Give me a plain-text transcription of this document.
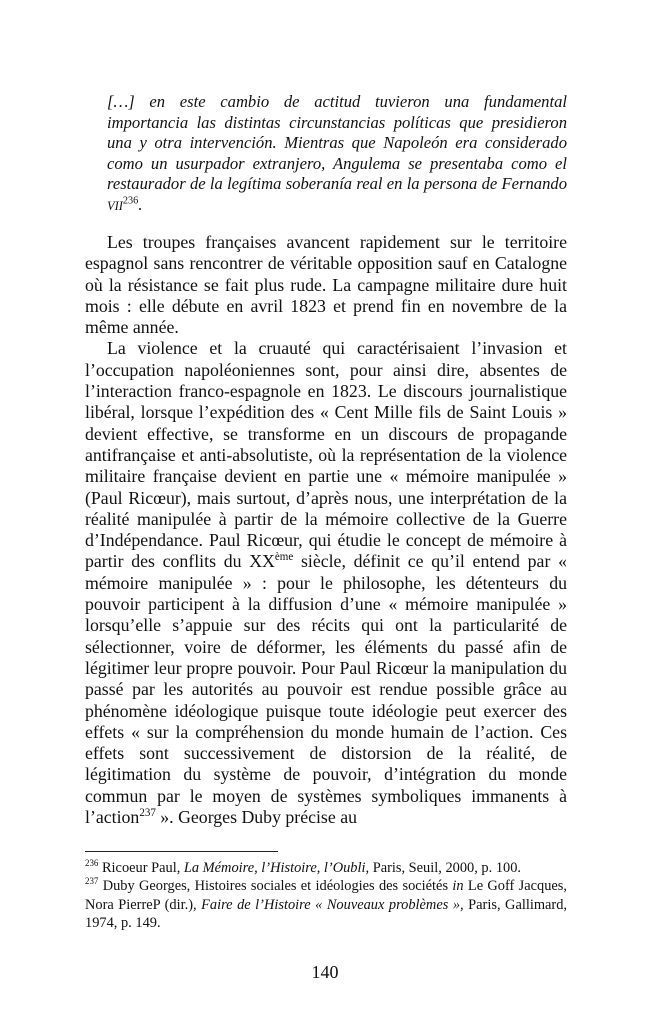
[…] en este cambio de actitud tuvieron una fundamental importancia las distintas circunstancias políticas que presidieron una y otra intervención. Mientras que Napoleón era considerado como un usurpador extranjero, Angulema se presentaba como el restaurador de la legítima soberanía real en la persona de Fernando VII$^{236}$.

Les troupes françaises avancent rapidement sur le territoire espagnol sans rencontrer de véritable opposition sauf en Catalogne où la résistance se fait plus rude. La campagne militaire dure huit mois : elle débute en avril 1823 et prend fin en novembre de la même année.

La violence et la cruauté qui caractérisaient l’invasion et l’occupation napoléoniennes sont, pour ainsi dire, absentes de l’interaction franco-espagnole en 1823. Le discours journalistique libéral, lorsque l’expédition des « Cent Mille fils de Saint Louis » devient effective, se transforme en un discours de propagande antifrançaise et anti-absolutiste, où la représentation de la violence militaire française devient en partie une « mémoire manipulée » (Paul Ricœur), mais surtout, d’après nous, une interprétation de la réalité manipulée à partir de la mémoire collective de la Guerre d’Indépendance. Paul Ricœur, qui étudie le concept de mémoire à partir des conflits du XXème siècle, définit ce qu’il entend par « mémoire manipulée » : pour le philosophe, les détenteurs du pouvoir participent à la diffusion d’une « mémoire manipulée » lorsqu’elle s’appuie sur des récits qui ont la particularité de sélectionner, voire de déformer, les éléments du passé afin de légitimer leur propre pouvoir. Pour Paul Ricœur la manipulation du passé par les autorités au pouvoir est rendue possible grâce au phénomène idéologique puisque toute idéologie peut exercer des effets « sur la compréhension du monde humain de l’action. Ces effets sont successivement de distorsion de la réalité, de légitimation du système de pouvoir, d’intégration du monde commun par le moyen de systèmes symboliques immanents à l’action$^{237}$ ». Georges Duby précise au

$^{236}$ Ricoeur Paul, La Mémoire, l’Histoire, l’Oubli, Paris, Seuil, 2000, p. 100.

$^{237}$ Duby Georges, Histoires sociales et idéologies des sociétés in Le Goff Jacques, Nora PierreP (dir.), Faire de l’Histoire « Nouveaux problèmes », Paris, Gallimard, 1974, p. 149.

140
